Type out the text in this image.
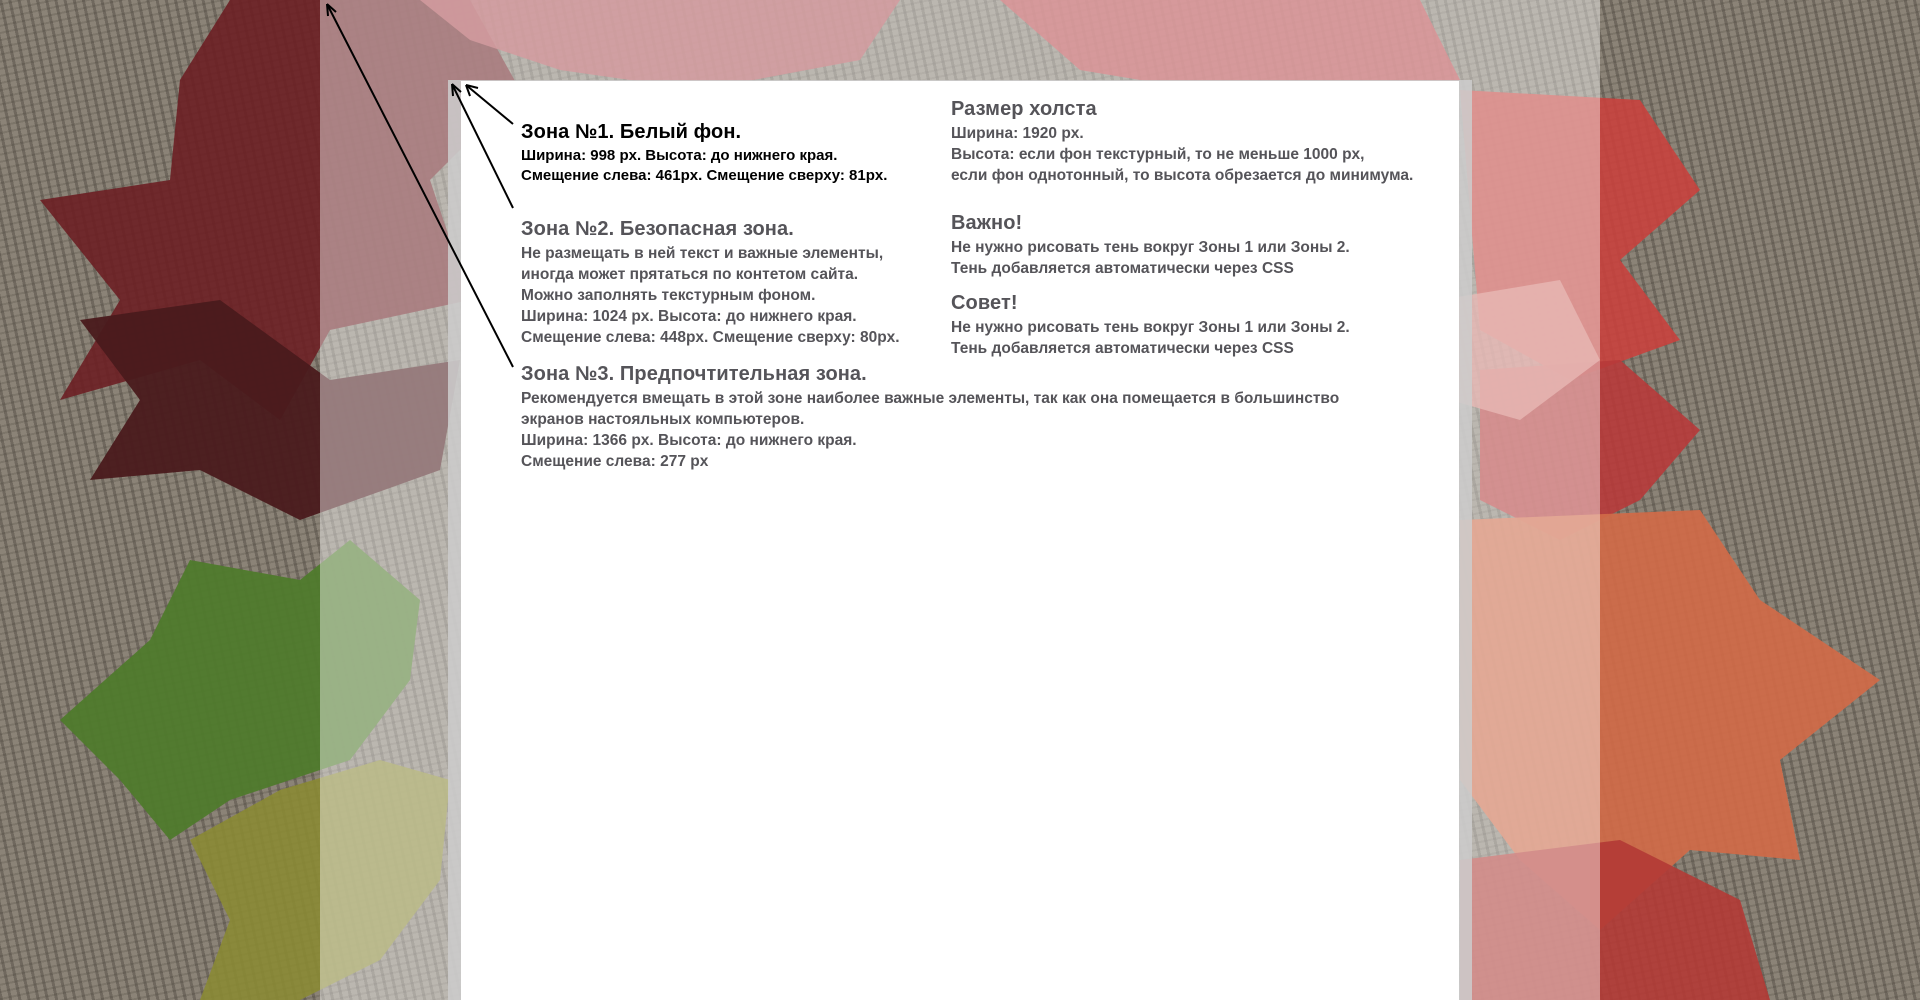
Зона №1. Белый фон.
Ширина: 998 px. Высота: до нижнего края.
Смещение слева: 461px. Смещение сверху: 81px.
Зона №2. Безопасная зона.
Не размещать в ней текст и важные элементы,
иногда может прятаться по контетом сайта.
Можно заполнять текстурным фоном.
Ширина: 1024 px. Высота: до нижнего края.
Смещение слева: 448px. Смещение сверху: 80px.
Зона №3. Предпочтительная зона.
Рекомендуется вмещать в этой зоне наиболее важные элементы, так как она помещается в большинство
экранов настояльных компьютеров.
Ширина: 1366 px. Высота: до нижнего края.
Смещение слева: 277 px
Размер холста
Ширина: 1920 px.
Высота: если фон текстурный, то не меньше 1000 px,
если фон однотонный, то высота обрезается до минимума.
Важно!
Не нужно рисовать тень вокруг Зоны 1 или Зоны 2.
Тень добавляется автоматически через CSS
Совет!
Не нужно рисовать тень вокруг Зоны 1 или Зоны 2.
Тень добавляется автоматически через CSS
